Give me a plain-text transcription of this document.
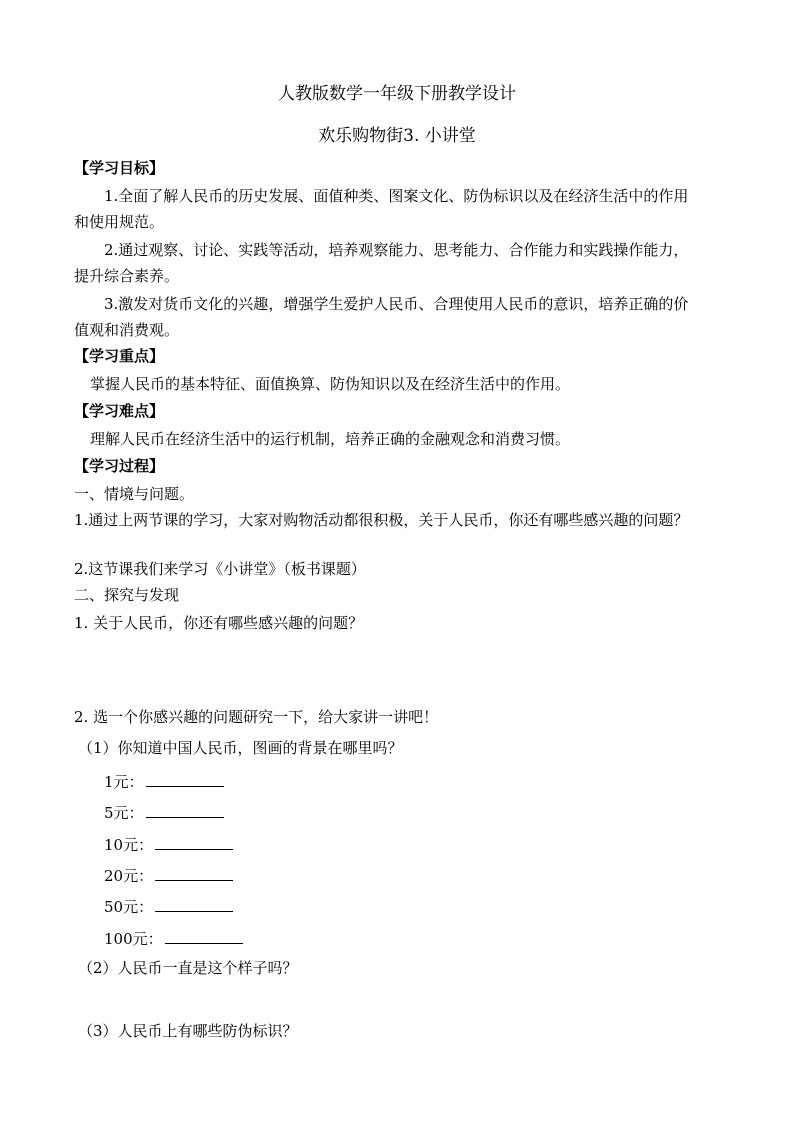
人教版数学一年级下册教学设计
欢乐购物街3. 小讲堂
【学习目标】
1.全面了解人民币的历史发展、面值种类、图案文化、防伪标识以及在经济生活中的作用
和使用规范。
2.通过观察、讨论、实践等活动，培养观察能力、思考能力、合作能力和实践操作能力，
提升综合素养。
3.激发对货币文化的兴趣，增强学生爱护人民币、合理使用人民币的意识，培养正确的价
值观和消费观。
【学习重点】
掌握人民币的基本特征、面值换算、防伪知识以及在经济生活中的作用。
【学习难点】
理解人民币在经济生活中的运行机制，培养正确的金融观念和消费习惯。
【学习过程】
一、情境与问题。
1.通过上两节课的学习，大家对购物活动都很积极，关于人民币，你还有哪些感兴趣的问题？
2.这节课我们来学习《小讲堂》（板书课题）
二、探究与发现
1. 关于人民币，你还有哪些感兴趣的问题？
2. 选一个你感兴趣的问题研究一下，给大家讲一讲吧！
（1）你知道中国人民币，图画的背景在哪里吗？
1元：
5元：
10元：
20元：
50元：
100元：
（2）人民币一直是这个样子吗？
（3）人民币上有哪些防伪标识？
